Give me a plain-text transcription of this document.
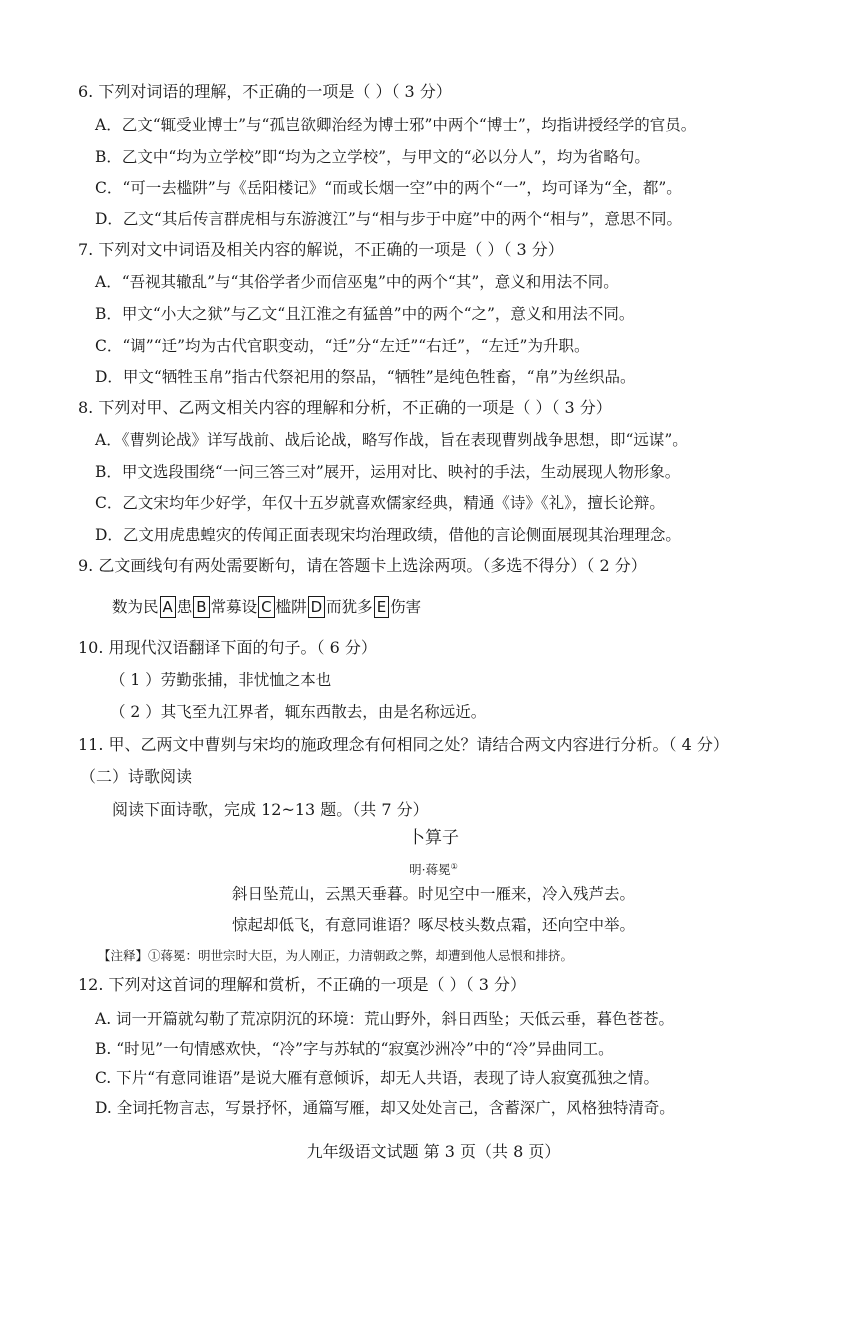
6. 下列对词语的理解，不正确的一项是（ ）（ 3 分）
A．乙文“辄受业博士”与“孤岂欲卿治经为博士邪”中两个“博士”，均指讲授经学的官员。
B．乙文中“均为立学校”即“均为之立学校”，与甲文的“必以分人”，均为省略句。
C．“可一去槛阱”与《岳阳楼记》“而或长烟一空”中的两个“一”，均可译为“全，都”。
D．乙文“其后传言群虎相与东游渡江”与“相与步于中庭”中的两个“相与”，意思不同。
7. 下列对文中词语及相关内容的解说，不正确的一项是（ ）（ 3 分）
A．“吾视其辙乱”与“其俗学者少而信巫鬼”中的两个“其”，意义和用法不同。
B．甲文“小大之狱”与乙文“且江淮之有猛兽”中的两个“之”，意义和用法不同。
C．“调”“迁”均为古代官职变动，“迁”分“左迁”“右迁”，“左迁”为升职。
D．甲文“牺牲玉帛”指古代祭祀用的祭品，“牺牲”是纯色牲畜，“帛”为丝织品。
8. 下列对甲、乙两文相关内容的理解和分析，不正确的一项是（ ）（ 3 分）
A．《曹刿论战》详写战前、战后论战，略写作战，旨在表现曹刿战争思想，即“远谋”。
B．甲文选段围绕“一问三答三对”展开，运用对比、映衬的手法，生动展现人物形象。
C．乙文宋均年少好学，年仅十五岁就喜欢儒家经典，精通《诗》《礼》，擅长论辩。
D．乙文用虎患蝗灾的传闻正面表现宋均治理政绩，借他的言论侧面展现其治理理念。
9. 乙文画线句有两处需要断句，请在答题卡上选涂两项。（多选不得分）（ 2 分）
数为民 A 患 B 常募设 C 槛阱 D 而犹多 E 伤害
10. 用现代汉语翻译下面的句子。（ 6 分）
（ 1 ）劳勤张捕，非忧恤之本也
（ 2 ）其飞至九江界者，辄东西散去，由是名称远近。
11. 甲、乙两文中曹刿与宋均的施政理念有何相同之处？请结合两文内容进行分析。（ 4 分）
（二）诗歌阅读
阅读下面诗歌，完成 12~13 题。（共 7 分）
卜算子
明·蒋冕①
斜日坠荒山，云黑天垂暮。时见空中一雁来，冷入残芦去。
惊起却低飞，有意同谁语？啄尽枝头数点霜，还向空中举。
【注释】①蒋冕：明世宗时大臣，为人刚正，力清朝政之弊，却遭到他人忌恨和排挤。
12. 下列对这首词的理解和赏析，不正确的一项是（ ）（ 3 分）
A. 词一开篇就勾勒了荒凉阴沉的环境：荒山野外，斜日西坠；天低云垂，暮色苍苍。
B. “时见”一句情感欢快，“冷”字与苏轼的“寂寞沙洲冷”中的“冷”异曲同工。
C. 下片“有意同谁语”是说大雁有意倾诉，却无人共语，表现了诗人寂寞孤独之情。
D. 全词托物言志，写景抒怀，通篇写雁，却又处处言己，含蓄深广，风格独特清奇。
九年级语文试题 第 3 页（共 8 页）
